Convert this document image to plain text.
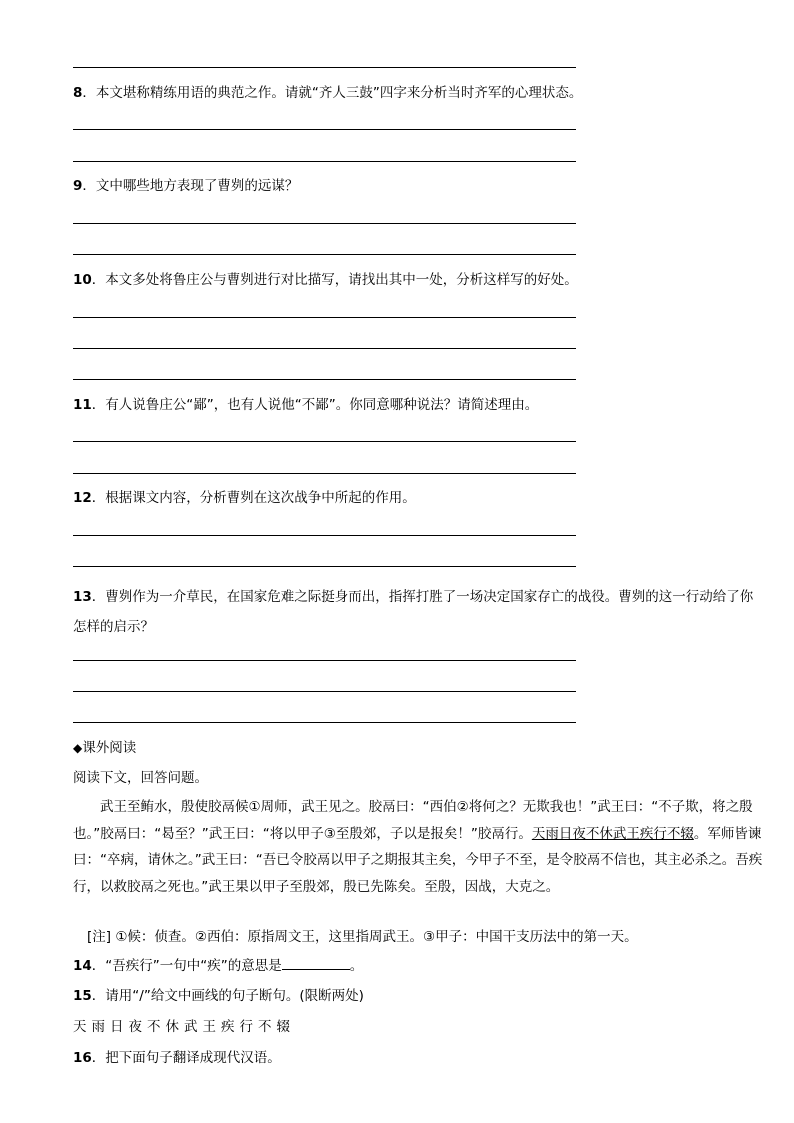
8．本文堪称精练用语的典范之作。请就“齐人三鼓”四字来分析当时齐军的心理状态。
9．文中哪些地方表现了曹刿的远谋？
10．本文多处将鲁庄公与曹刿进行对比描写，请找出其中一处，分析这样写的好处。
11．有人说鲁庄公“鄙”，也有人说他“不鄙”。你同意哪种说法？请简述理由。
12．根据课文内容，分析曹刿在这次战争中所起的作用。
13．曹刿作为一介草民，在国家危难之际挺身而出，指挥打胜了一场决定国家存亡的战役。曹刿的这一行动给了你怎样的启示？
◆课外阅读
阅读下文，回答问题。
武王至鲔水，殷使胶鬲候①周师，武王见之。胶鬲曰：“西伯②将何之？无欺我也！”武王曰：“不子欺，将之殷也。”胶鬲曰：“曷至？”武王曰：“将以甲子③至殷郊，子以是报矣！”胶鬲行。天雨日夜不休武王疾行不辍。军师皆谏曰：“卒病，请休之。”武王曰：“吾已令胶鬲以甲子之期报其主矣，今甲子不至，是令胶鬲不信也，其主必杀之。吾疾行，以救胶鬲之死也。”武王果以甲子至殷郊，殷已先陈矣。至殷，因战，大克之。
[注] ①候：侦查。②西伯：原指周文王，这里指周武王。③甲子：中国干支历法中的第一天。
14．“吾疾行”一句中“疾”的意思是	。
15．请用“/”给文中画线的句子断句。(限断两处)
天雨日夜不休武王疾行不辍
16．把下面句子翻译成现代汉语。
